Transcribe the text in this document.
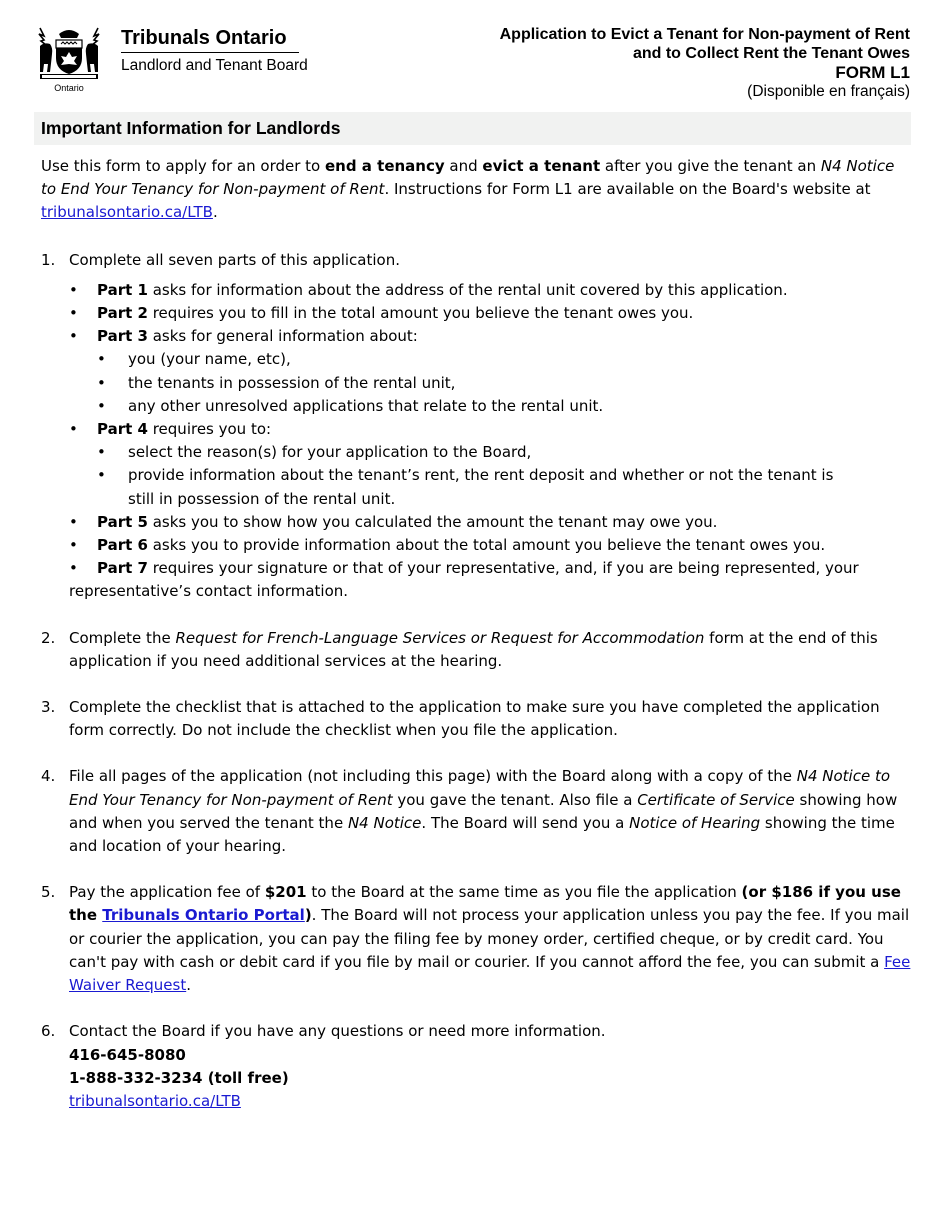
Ontario
Tribunals Ontario
Landlord and Tenant Board
Application to Evict a Tenant for Non-payment of Rent
and to Collect Rent the Tenant Owes
FORM L1
(Disponible en français)
Important Information for Landlords

Use this form to apply for an order to end a tenancy and evict a tenant after you give the tenant an N4 Notice to End Your Tenancy for Non-payment of Rent. Instructions for Form L1 are available on the Board's website at tribunalsontario.ca/LTB.

1. Complete all seven parts of this application.
• Part 1 asks for information about the address of the rental unit covered by this application.
• Part 2 requires you to fill in the total amount you believe the tenant owes you.
• Part 3 asks for general information about:
• you (your name, etc),
• the tenants in possession of the rental unit,
• any other unresolved applications that relate to the rental unit.
• Part 4 requires you to:
• select the reason(s) for your application to the Board,
• provide information about the tenant’s rent, the rent deposit and whether or not the tenant is still in possession of the rental unit.
• Part 5 asks you to show how you calculated the amount the tenant may owe you.
• Part 6 asks you to provide information about the total amount you believe the tenant owes you.
• Part 7 requires your signature or that of your representative, and, if you are being represented, your representative’s contact information.
2. Complete the Request for French-Language Services or Request for Accommodation form at the end of this application if you need additional services at the hearing.
3. Complete the checklist that is attached to the application to make sure you have completed the application form correctly. Do not include the checklist when you file the application.
4. File all pages of the application (not including this page) with the Board along with a copy of the N4 Notice to End Your Tenancy for Non-payment of Rent you gave the tenant. Also file a Certificate of Service showing how and when you served the tenant the N4 Notice. The Board will send you a Notice of Hearing showing the time and location of your hearing.
5. Pay the application fee of $201 to the Board at the same time as you file the application (or $186 if you use the Tribunals Ontario Portal). The Board will not process your application unless you pay the fee. If you mail or courier the application, you can pay the filing fee by money order, certified cheque, or by credit card. You can't pay with cash or debit card if you file by mail or courier. If you cannot afford the fee, you can submit a Fee Waiver Request.
6. Contact the Board if you have any questions or need more information.
416-645-8080
1-888-332-3234 (toll free)
tribunalsontario.ca/LTB
